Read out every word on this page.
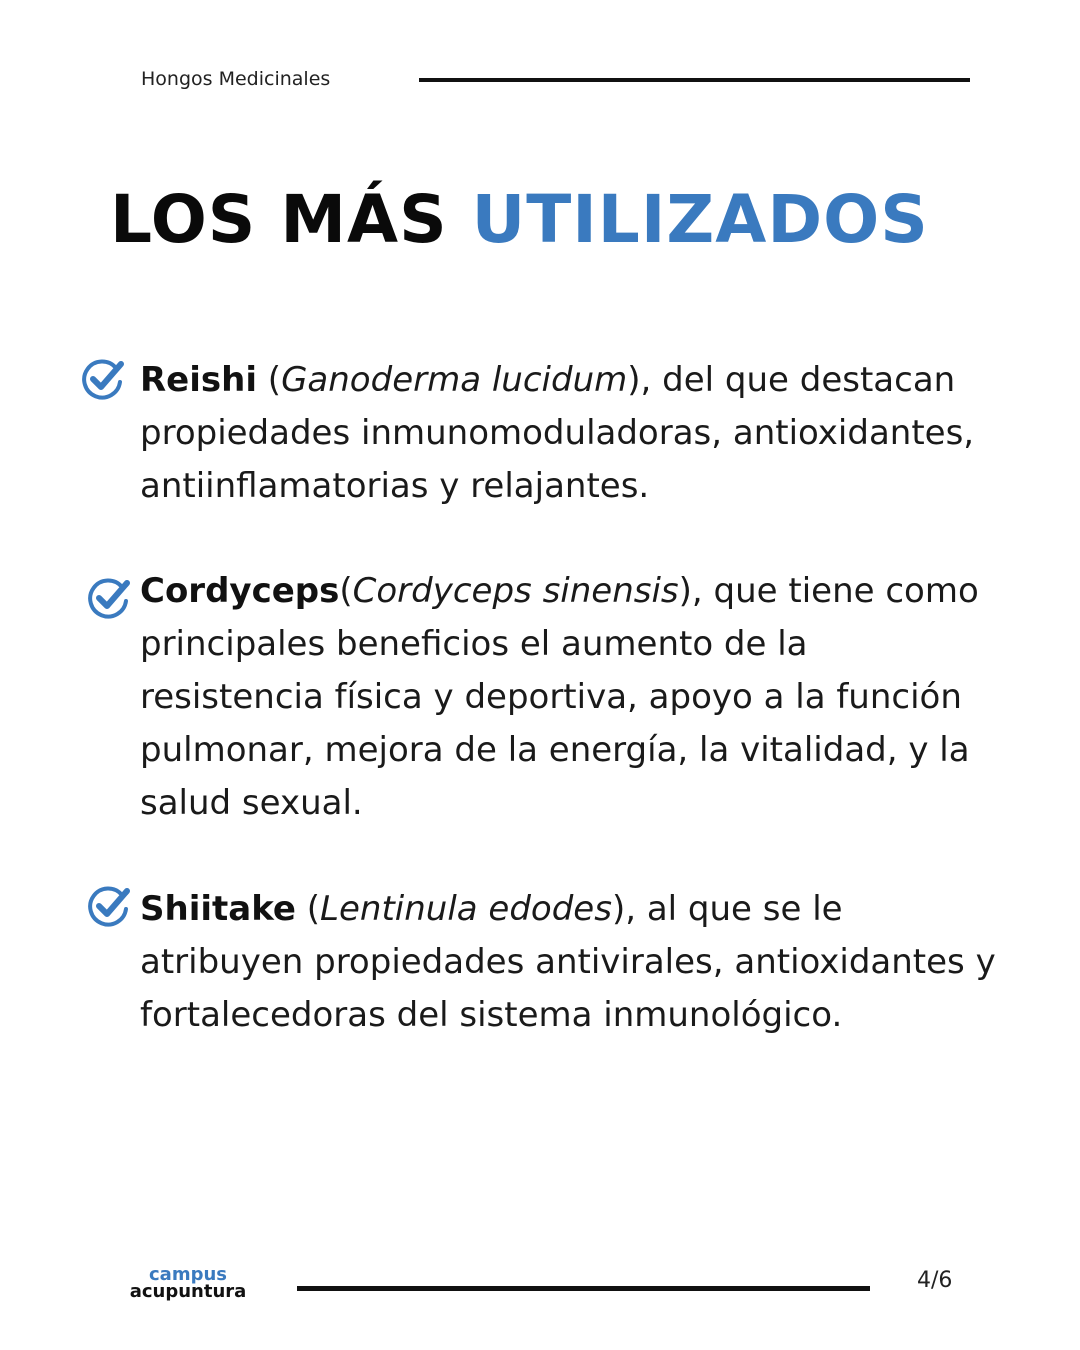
Hongos Medicinales
LOS MÁS UTILIZADOS
Reishi (Ganoderma lucidum), del que destacan propiedades inmunomoduladoras, antioxidantes, antiinflamatorias y relajantes.
Cordyceps(Cordyceps sinensis), que tiene como principales beneficios el aumento de la resistencia física y deportiva, apoyo a la función pulmonar, mejora de la energía, la vitalidad, y la salud sexual.
Shiitake (Lentinula edodes), al que se le atribuyen propiedades antivirales, antioxidantes y fortalecedoras del sistema inmunológico.
campus
acupuntura	4/6
